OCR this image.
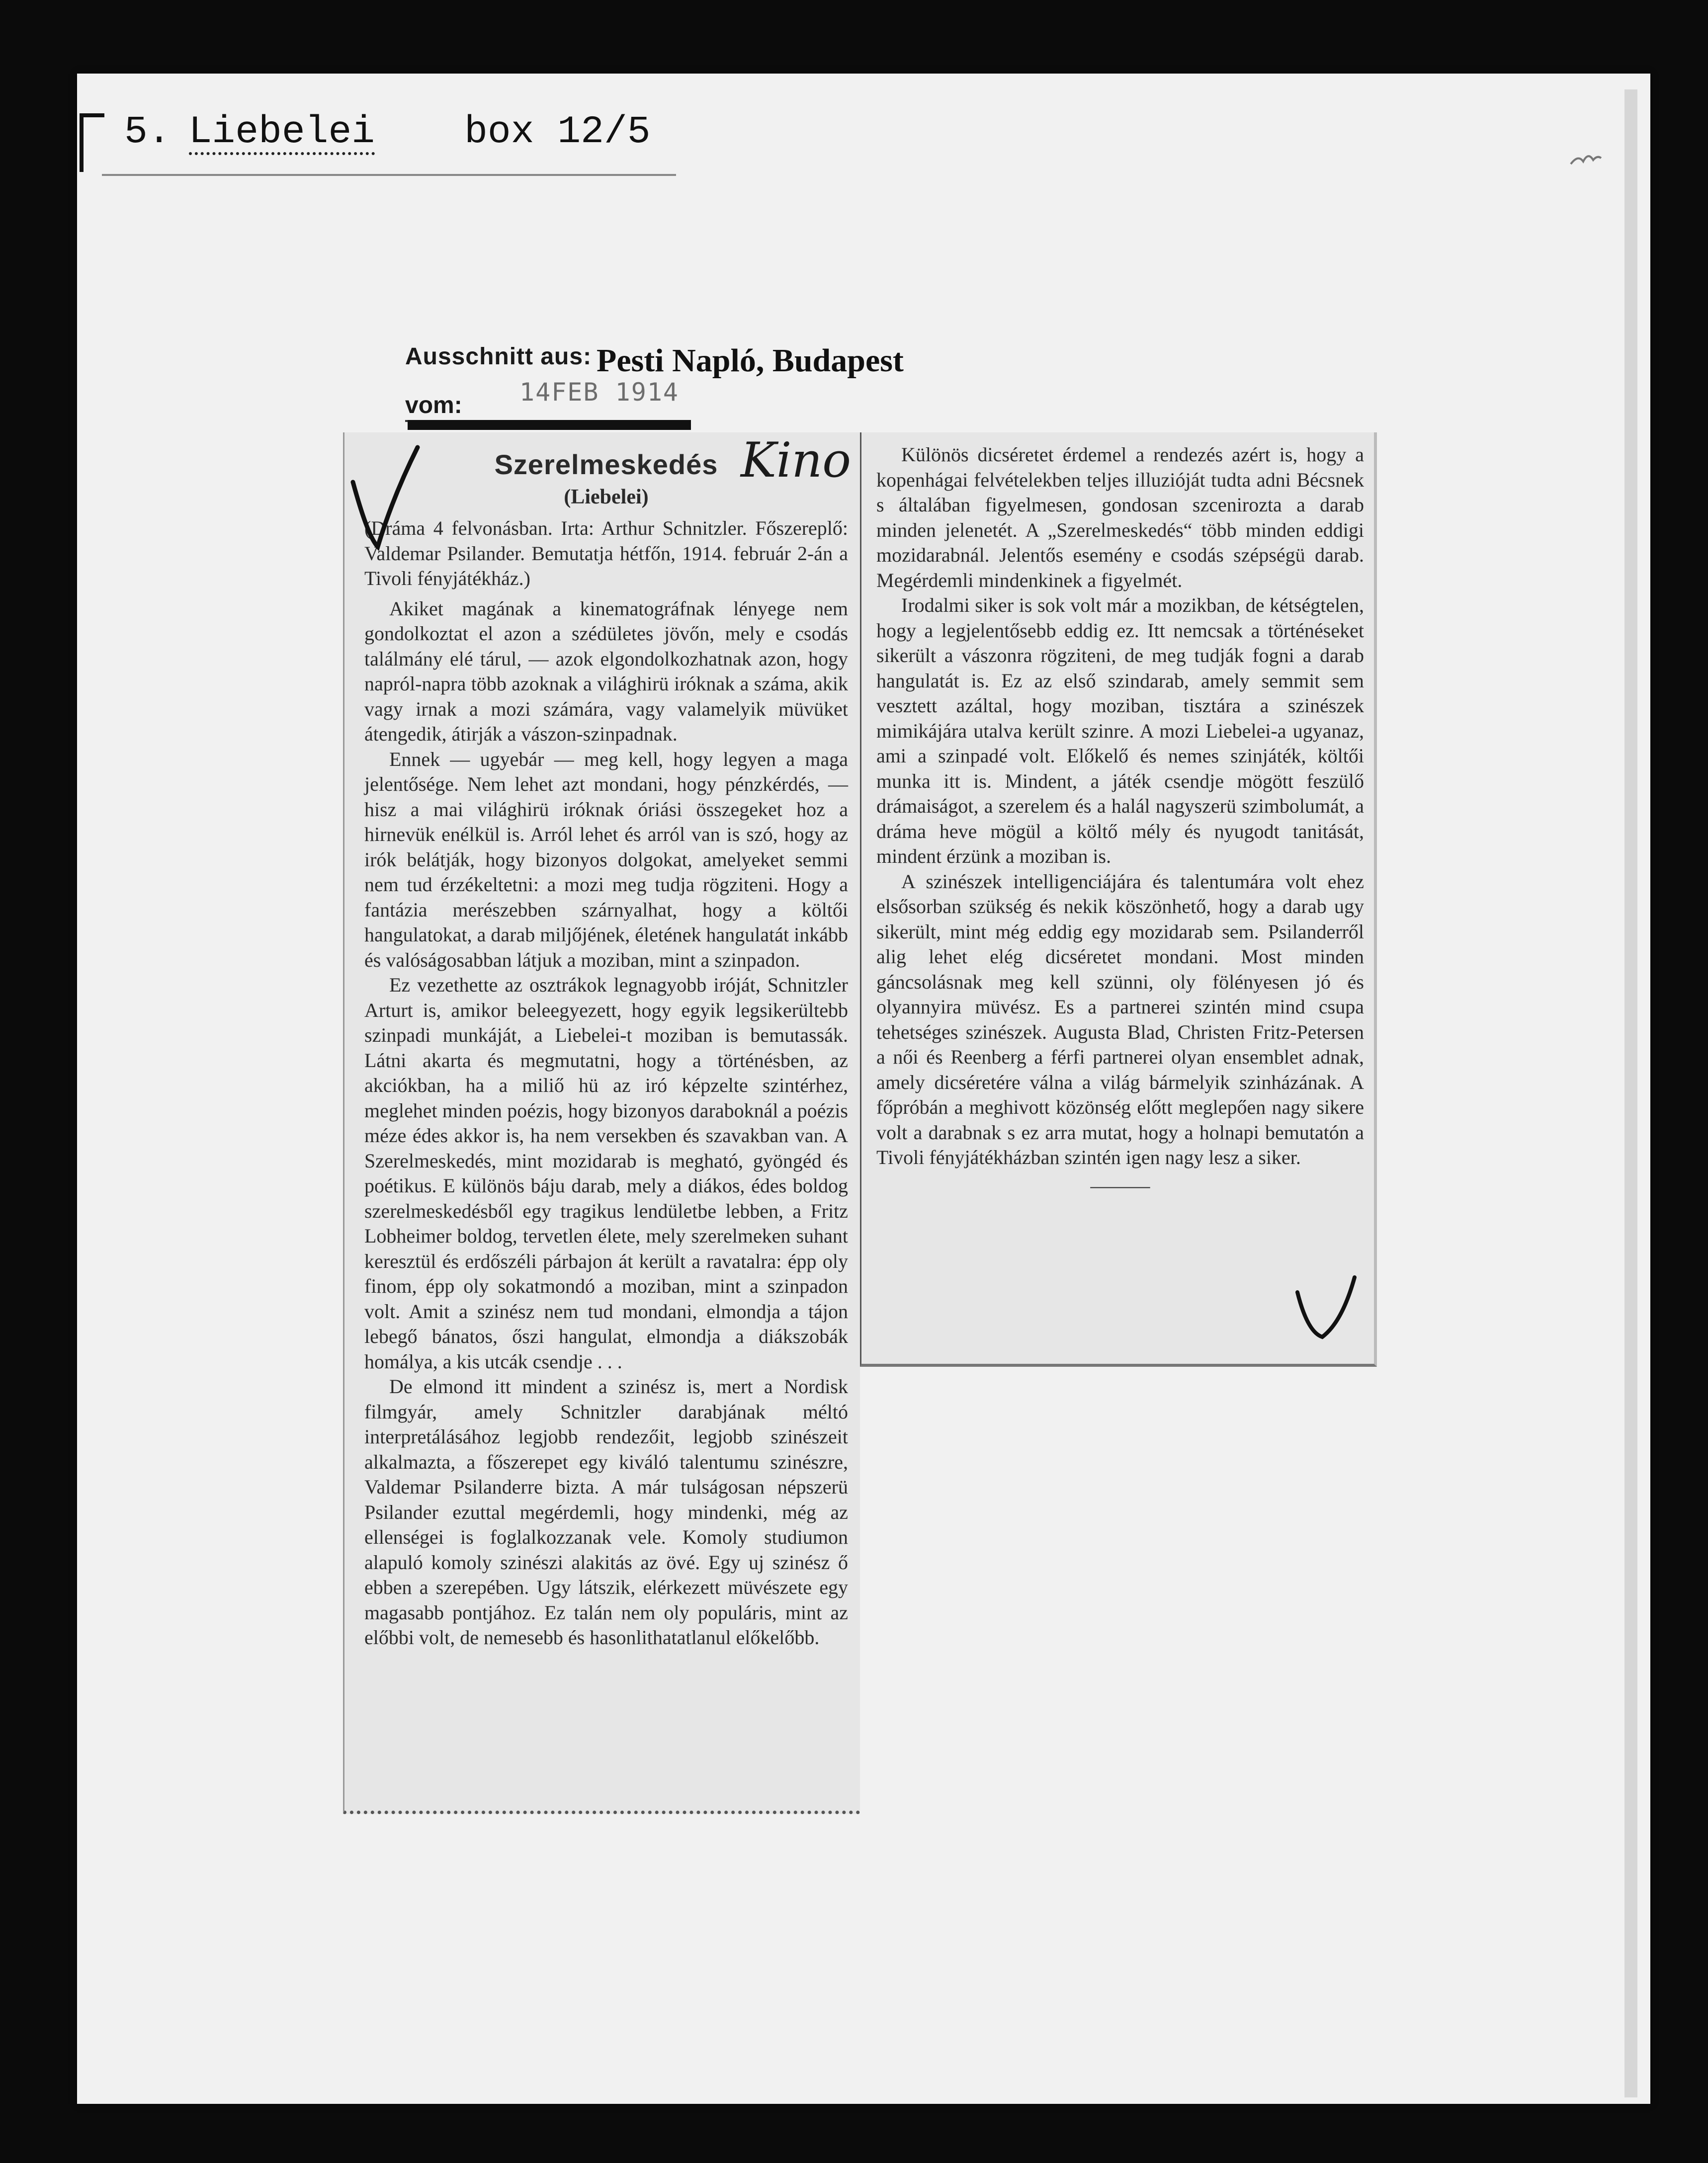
5. Liebelei box 12/5
Ausschnitt aus: Pesti Napló, Budapest
14FEB 1914
vom:
Szerelmeskedés
(Liebelei)
(Dráma 4 felvonásban. Irta: Arthur Schnitzler. Főszereplő: Valdemar Psilander. Bemutatja hétfőn, 1914. február 2-án a Tivoli fényjátékház.)

Akiket magának a kinematográfnak lényege nem gondolkoztat el azon a szédületes jövőn, mely e csodás találmány elé tárul, — azok elgondolkozhatnak azon, hogy napról-napra több azoknak a világhirü iróknak a száma, akik vagy irnak a mozi számára, vagy valamelyik müvüket átengedik, átirják a vászon-szinpadnak.

Ennek — ugyebár — meg kell, hogy legyen a maga jelentősége. Nem lehet azt mondani, hogy pénzkérdés, — hisz a mai világhirü iróknak óriási összegeket hoz a hirnevük enélkül is. Arról lehet és arról van is szó, hogy az irók belátják, hogy bizonyos dolgokat, amelyeket semmi nem tud érzékeltetni: a mozi meg tudja rögziteni. Hogy a fantázia merészebben szárnyalhat, hogy a költői hangulatokat, a darab miljőjének, életének hangulatát inkább és valóságosabban látjuk a moziban, mint a szinpadon.

Ez vezethette az osztrákok legnagyobb iróját, Schnitzler Arturt is, amikor beleegyezett, hogy egyik legsikerültebb szinpadi munkáját, a Liebelei-t moziban is bemutassák. Látni akarta és megmutatni, hogy a történésben, az akciókban, ha a miliő hü az iró képzelte szintérhez, meglehet minden poézis, hogy bizonyos daraboknál a poézis méze édes akkor is, ha nem versekben és szavakban van. A Szerelmeskedés, mint mozidarab is megható, gyöngéd és poétikus. E különös báju darab, mely a diákos, édes boldog szerelmeskedésből egy tragikus lendületbe lebben, a Fritz Lobheimer boldog, tervetlen élete, mely szerelmeken suhant keresztül és erdőszéli párbajon át került a ravatalra: épp oly finom, épp oly sokatmondó a moziban, mint a szinpadon volt. Amit a szinész nem tud mondani, elmondja a tájon lebegő bánatos, őszi hangulat, elmondja a diákszobák homálya, a kis utcák csendje . . .

De elmond itt mindent a szinész is, mert a Nordisk filmgyár, amely Schnitzler darabjának méltó interpretálásához legjobb rendezőit, legjobb szinészeit alkalmazta, a főszerepet egy kiváló talentumu szinészre, Valdemar Psilanderre bizta. A már tulságosan népszerü Psilander ezuttal megérdemli, hogy mindenki, még az ellenségei is foglalkozzanak vele. Komoly studiumon alapuló komoly szinészi alakitás az övé. Egy uj szinész ő ebben a szerepében. Ugy látszik, elérkezett müvészete egy magasabb pontjához. Ez talán nem oly populáris, mint az előbbi volt, de nemesebb és hasonlithatatlanul előkelőbb.

Különös dicséretet érdemel a rendezés azért is, hogy a kopenhágai felvételekben teljes illuzióját tudta adni Bécsnek s általában figyelmesen, gondosan szcenirozta a darab minden jelenetét. A „Szerelmeskedés“ több minden eddigi mozidarabnál. Jelentős esemény e csodás szépségü darab. Megérdemli mindenkinek a figyelmét.

Irodalmi siker is sok volt már a mozikban, de kétségtelen, hogy a legjelentősebb eddig ez. Itt nemcsak a történéseket sikerült a vászonra rögziteni, de meg tudják fogni a darab hangulatát is. Ez az első szindarab, amely semmit sem vesztett azáltal, hogy moziban, tisztára a szinészek mimikájára utalva került szinre. A mozi Liebelei-a ugyanaz, ami a szinpadé volt. Előkelő és nemes szinjáték, költői munka itt is. Mindent, a játék csendje mögött feszülő drámaiságot, a szerelem és a halál nagyszerü szimbolumát, a dráma heve mögül a költő mély és nyugodt tanitását, mindent érzünk a moziban is.

A szinészek intelligenciájára és talentumára volt ehez elsősorban szükség és nekik köszönhető, hogy a darab ugy sikerült, mint még eddig egy mozidarab sem. Psilanderről alig lehet elég dicséretet mondani. Most minden gáncsolásnak meg kell szünni, oly fölényesen jó és olyannyira müvész. Es a partnerei szintén mind csupa tehetséges szinészek. Augusta Blad, Christen Fritz-Petersen a női és Reenberg a férfi partnerei olyan ensemblet adnak, amely dicséretére válna a világ bármelyik szinházának. A főpróbán a meghivott közönség előtt meglepően nagy sikere volt a darabnak s ez arra mutat, hogy a holnapi bemutatón a Tivoli fényjátékházban szintén igen nagy lesz a siker.

———
Kino
